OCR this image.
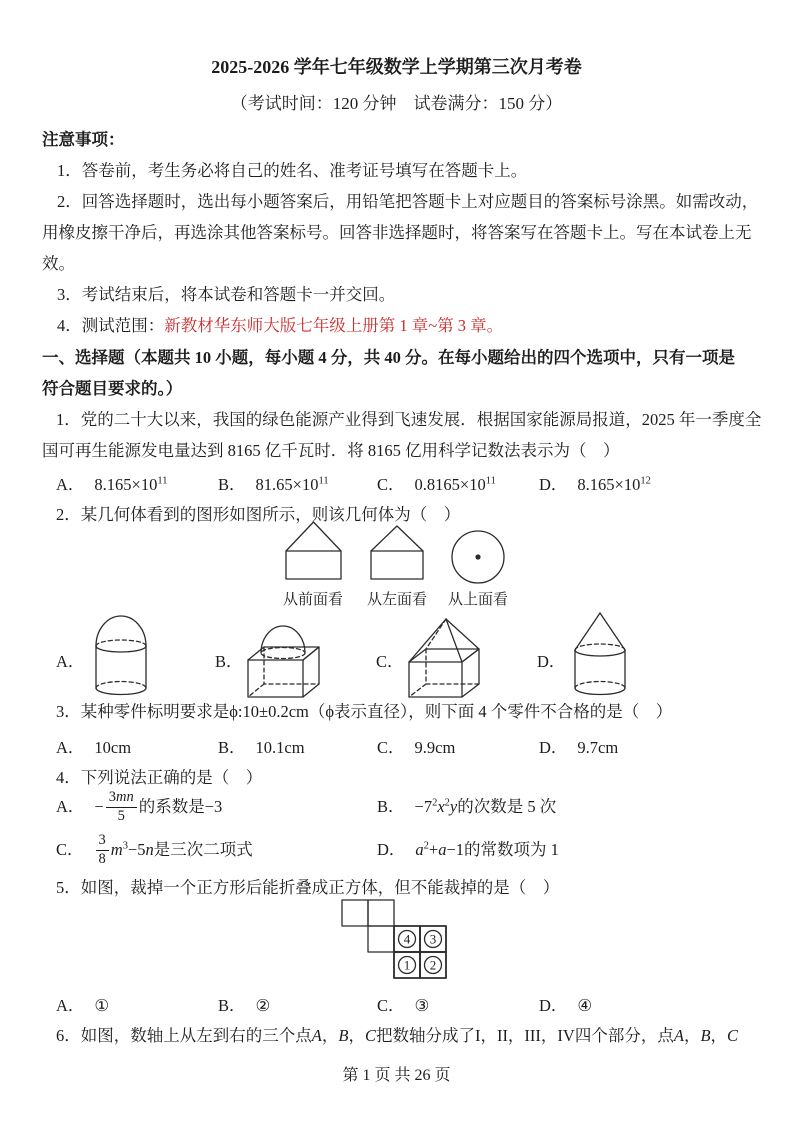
2025-2026 学年七年级数学上学期第三次月考卷
（考试时间：120 分钟　试卷满分：150 分）
注意事项：
1．答卷前，考生务必将自己的姓名、准考证号填写在答题卡上。
2．回答选择题时，选出每小题答案后，用铅笔把答题卡上对应题目的答案标号涂黑。如需改动，
用橡皮擦干净后，再选涂其他答案标号。回答非选择题时，将答案写在答题卡上。写在本试卷上无
效。
3．考试结束后，将本试卷和答题卡一并交回。
4．测试范围：新教材华东师大版七年级上册第 1 章~第 3 章。
一、选择题（本题共 10 小题，每小题 4 分，共 40 分。在每小题给出的四个选项中，只有一项是
符合题目要求的。）
1．党的二十大以来，我国的绿色能源产业得到飞速发展．根据国家能源局报道，2025 年一季度全
国可再生能源发电量达到 8165 亿千瓦时．将 8165 亿用科学记数法表示为（　）
A． $8.165\times 10^{11}$	B． $81.65\times 10^{11}$	C． $0.8165\times 10^{11}$	D． $8.165\times 10^{12}$
2．某几何体看到的图形如图所示，则该几何体为（　）
从前面看 从左面看 从上面看
A．	B．	C．	D．
3．某种零件标明要求是ϕ:10±0.2cm（ϕ表示直径），则下面 4 个零件不合格的是（　）
A． 10cm	B． 10.1cm	C． 9.9cm	D． 9.7cm
4．下列说法正确的是（　）
A． − $\frac{3mn}{5}$ 的系数是−3	B． $-7^2x^2y$ 的次数是 5 次
C． $\frac{3}{8} m^3-5n$ 是三次二项式	D． $a^2+a-1$ 的常数项为 1
5．如图，裁掉一个正方形后能折叠成正方体，但不能裁掉的是（　）
4 3
1 2
A． ①	B． ②	C． ③	D． ④
6．如图，数轴上从左到右的三个点A，B，C把数轴分成了I，II，III，IV四个部分，点A，B，C
第 1 页 共 26 页
